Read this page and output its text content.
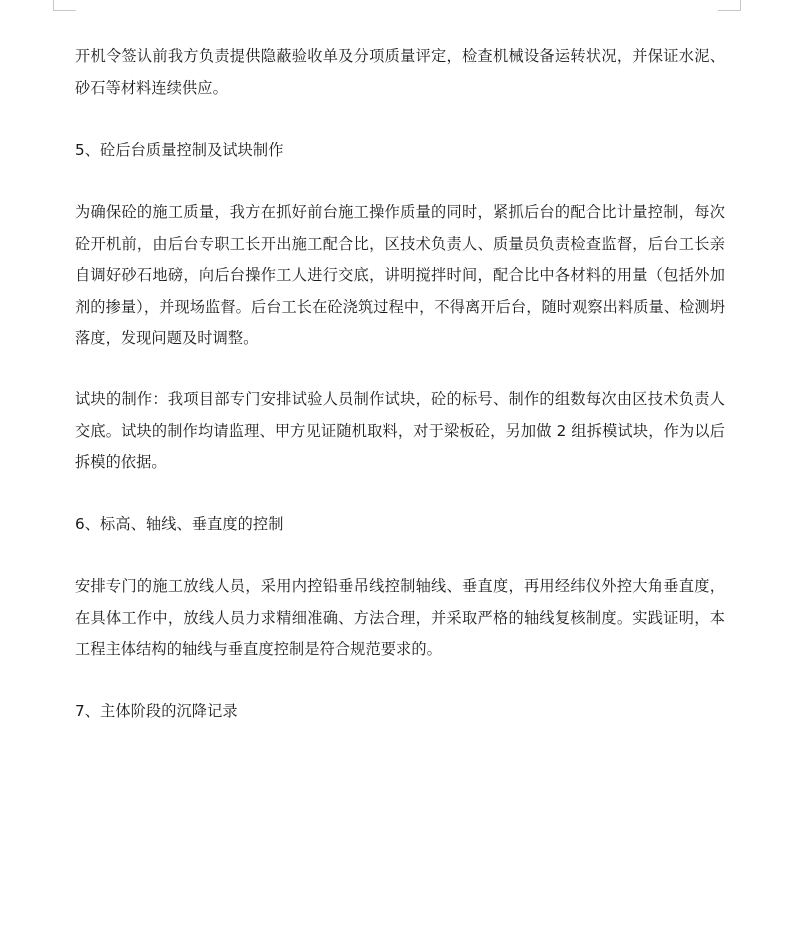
开机令签认前我方负责提供隐蔽验收单及分项质量评定，检查机械设备运转状况，并保证水泥、砂石等材料连续供应。

5、砼后台质量控制及试块制作

为确保砼的施工质量，我方在抓好前台施工操作质量的同时，紧抓后台的配合比计量控制，每次砼开机前，由后台专职工长开出施工配合比，区技术负责人、质量员负责检查监督，后台工长亲自调好砂石地磅，向后台操作工人进行交底，讲明搅拌时间，配合比中各材料的用量（包括外加剂的掺量），并现场监督。后台工长在砼浇筑过程中，不得离开后台，随时观察出料质量、检测坍落度，发现问题及时调整。

试块的制作：我项目部专门安排试验人员制作试块，砼的标号、制作的组数每次由区技术负责人交底。试块的制作均请监理、甲方见证随机取料，对于梁板砼，另加做 2 组拆模试块，作为以后拆模的依据。

6、标高、轴线、垂直度的控制

安排专门的施工放线人员，采用内控铅垂吊线控制轴线、垂直度，再用经纬仪外控大角垂直度，在具体工作中，放线人员力求精细准确、方法合理，并采取严格的轴线复核制度。实践证明，本工程主体结构的轴线与垂直度控制是符合规范要求的。

7、主体阶段的沉降记录
